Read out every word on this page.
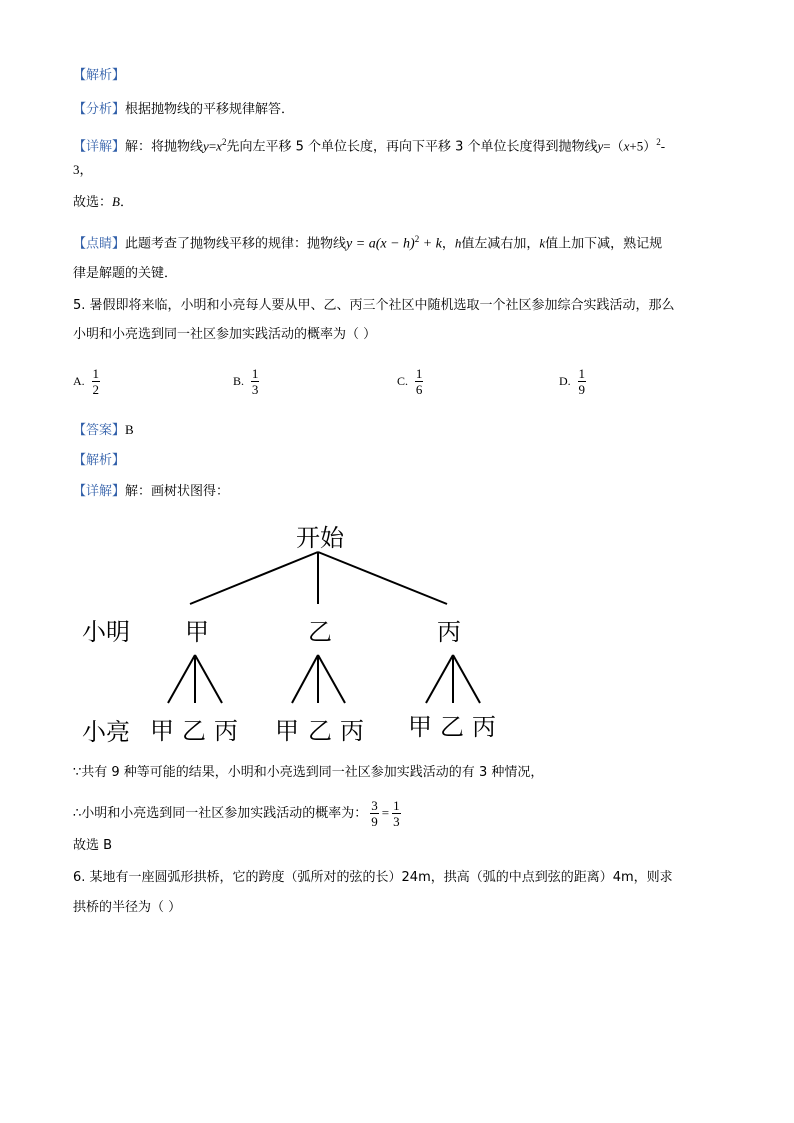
【解析】
【分析】根据抛物线的平移规律解答．
【详解】解：将抛物线$y=x^2$先向左平移 5 个单位长度，再向下平移 3 个单位长度得到抛物线$y=(x+5)^2-$
3，
故选：B．
【点睛】此题考查了抛物线平移的规律：抛物线$y = a(x - h)^2 + k$，h值左减右加，k值上加下减，熟记规
律是解题的关键．
5. 暑假即将来临，小明和小亮每人要从甲、乙、丙三个社区中随机选取一个社区参加综合实践活动，那么
小明和小亮选到同一社区参加实践活动的概率为（ ）
A. $\frac{1}{2}$	B. $\frac{1}{3}$	C. $\frac{1}{6}$	D. $\frac{1}{9}$
【答案】B
【解析】
【详解】解：画树状图得：
开始
小明 甲	乙	丙
小亮 甲 乙 丙 甲 乙 丙 甲 乙 丙
∵共有 9 种等可能的结果，小明和小亮选到同一社区参加实践活动的有 3 种情况，
∴小明和小亮选到同一社区参加实践活动的概率为： $\frac{3}{9} = \frac{1}{3}$
故选 B
6. 某地有一座圆弧形拱桥，它的跨度（弧所对的弦的长）24m，拱高（弧的中点到弦的距离）4m，则求
拱桥的半径为（ ）
